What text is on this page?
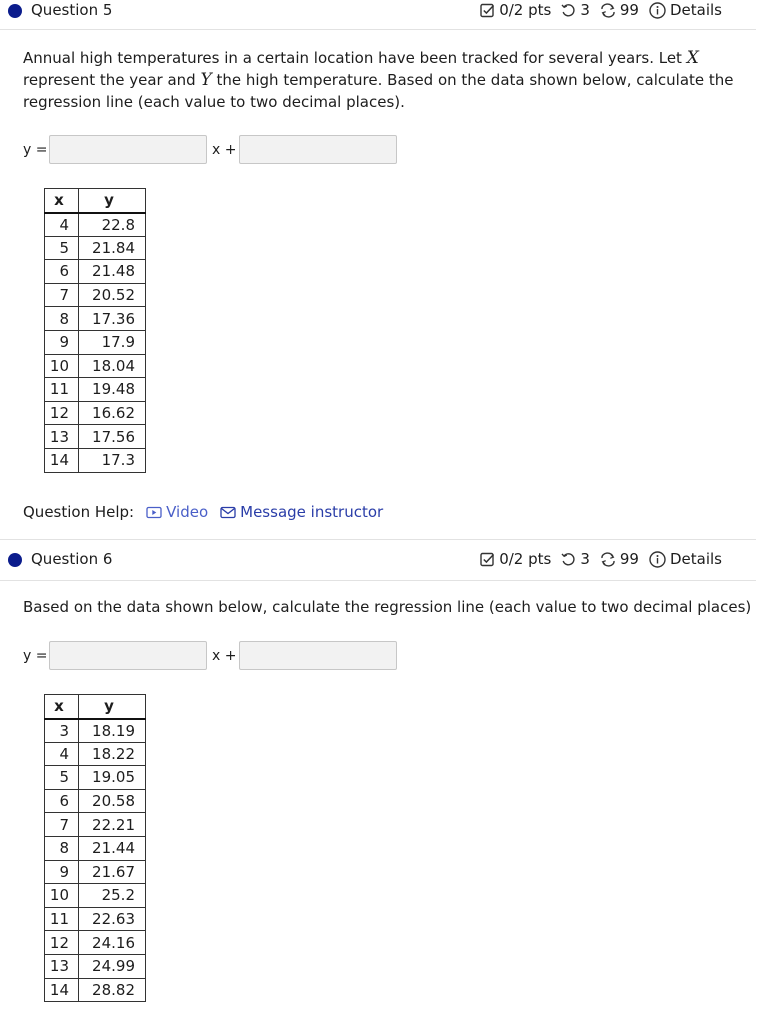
Question 5	0/2 pts 3 99 Details
Annual high temperatures in a certain location have been tracked for several years. Let X represent the year and Y the high temperature. Based on the data shown below, calculate the regression line (each value to two decimal places).
y =	x +
x	y
4	22.8
5	21.84
6	21.48
7	20.52
8	17.36
9	17.9
10	18.04
11	19.48
12	16.62
13	17.56
14	17.3
Question Help: Video Message instructor
Question 6	0/2 pts 3 99 Details
Based on the data shown below, calculate the regression line (each value to two decimal places)
y =	x +
x	y
3	18.19
4	18.22
5	19.05
6	20.58
7	22.21
8	21.44
9	21.67
10	25.2
11	22.63
12	24.16
13	24.99
14	28.82
